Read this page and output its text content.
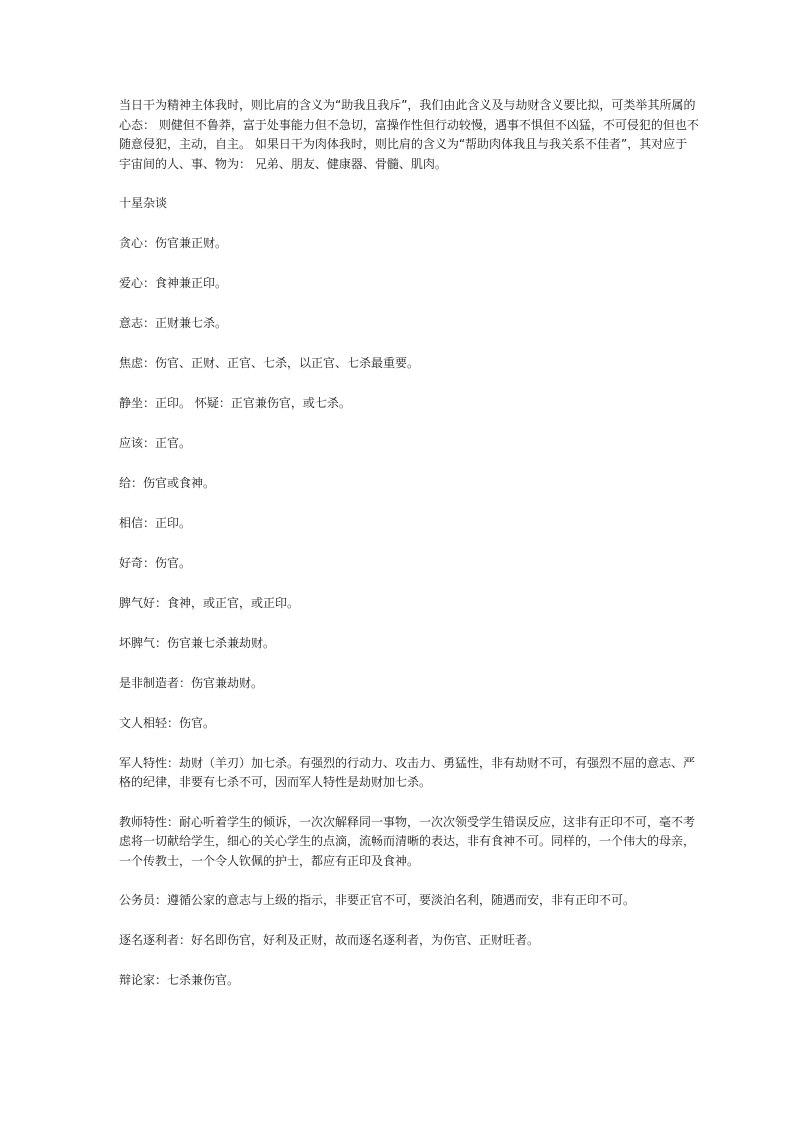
当日干为精神主体我时，则比肩的含义为“助我且我斥”，我们由此含义及与劫财含义要比拟，可类举其所属的心态： 则健但不鲁莽，富于处事能力但不急切，富操作性但行动较慢，遇事不惧但不凶猛，不可侵犯的但也不随意侵犯，主动，自主。 如果日干为肉体我时，则比肩的含义为“帮助肉体我且与我关系不佳者”，其对应于宇宙间的人、事、物为： 兄弟、朋友、健康器、骨髓、肌肉。

十星杂谈

贪心：伤官兼正财。

爱心：食神兼正印。

意志：正财兼七杀。

焦虑：伤官、正财、正官、七杀，以正官、七杀最重要。

静坐：正印。 怀疑：正官兼伤官，或七杀。

应该：正官。

给：伤官或食神。

相信：正印。

好奇：伤官。

脾气好：食神，或正官，或正印。

坏脾气：伤官兼七杀兼劫财。

是非制造者：伤官兼劫财。

文人相轻：伤官。

军人特性：劫财（羊刃）加七杀。有强烈的行动力、攻击力、勇猛性，非有劫财不可，有强烈不屈的意志、严格的纪律，非要有七杀不可，因而军人特性是劫财加七杀。

教师特性：耐心听着学生的倾诉，一次次解释同一事物，一次次领受学生错误反应，这非有正印不可，毫不考虑将一切献给学生，细心的关心学生的点滴，流畅而清晰的表达，非有食神不可。同样的，一个伟大的母亲，一个传教士，一个令人钦佩的护士，都应有正印及食神。

公务员：遵循公家的意志与上级的指示，非要正官不可，要淡泊名利，随遇而安，非有正印不可。

逐名逐利者：好名即伤官，好利及正财，故而逐名逐利者，为伤官、正财旺者。

辩论家：七杀兼伤官。
